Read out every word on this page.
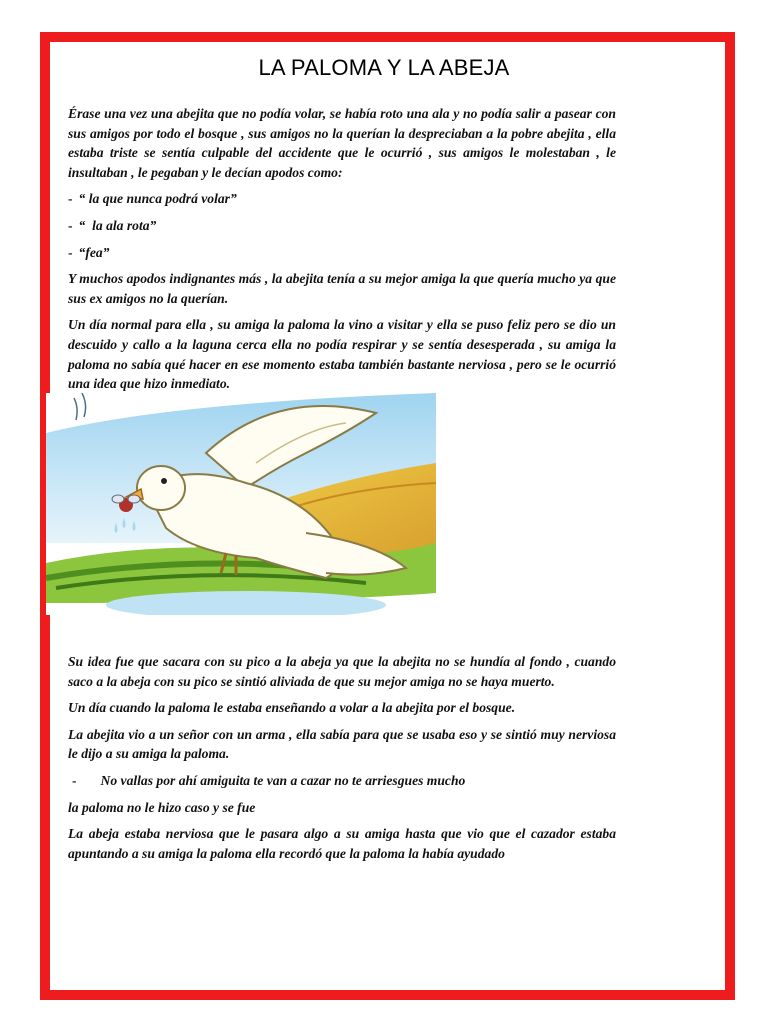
LA PALOMA Y LA ABEJA

Érase una vez una abejita que no podía volar, se había roto una ala y no podía salir a pasear con sus amigos por todo el bosque , sus amigos no la querían la despreciaban a la pobre abejita , ella estaba triste se sentía culpable del accidente que le ocurrió , sus amigos le molestaban , le insultaban , le pegaban y le decían apodos como:

- “ la que nunca podrá volar”

- “  la ala rota”

- “fea”

Y muchos apodos indignantes más , la abejita tenía a su mejor amiga la que quería mucho ya que sus ex amigos no la querían.

Un día normal para ella , su amiga la paloma la vino a visitar y ella se puso feliz pero se dio un descuido y callo a la laguna cerca ella no podía respirar y se sentía desesperada , su amiga la paloma no sabía qué hacer en ese momento estaba también bastante nerviosa , pero se le ocurrió una idea que hizo inmediato.

Su idea fue que sacara con su pico a la abeja ya que la abejita no se hundía al fondo , cuando saco a la abeja con su pico se sintió aliviada de que su mejor amiga no se haya muerto.

Un día cuando la paloma le estaba enseñando a volar a la abejita por el bosque.

La abejita vio a un señor con un arma , ella sabía para que se usaba eso y se sintió muy nerviosa le dijo a su amiga la paloma.

- No vallas por ahí amiguita te van a cazar no te arriesgues mucho

la paloma no le hizo caso y se fue

La abeja estaba nerviosa que le pasara algo a su amiga hasta que vio que el cazador estaba apuntando a su amiga la paloma ella recordó que la paloma la había ayudado
